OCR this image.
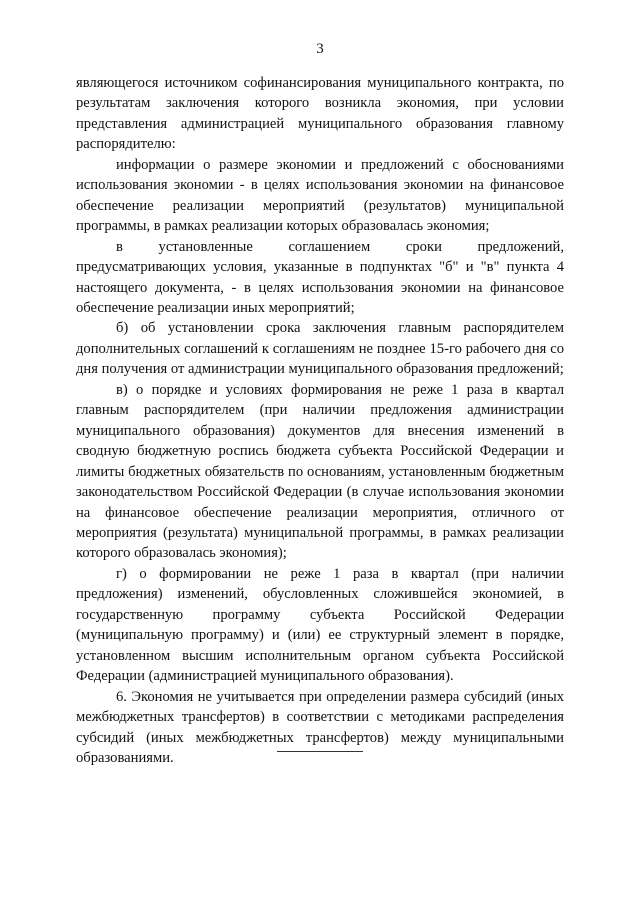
3

являющегося источником софинансирования муниципального контракта, по результатам заключения которого возникла экономия, при условии представления администрацией муниципального образования главному распорядителю:

информации о размере экономии и предложений с обоснованиями использования экономии - в целях использования экономии на финансовое обеспечение реализации мероприятий (результатов) муниципальной программы, в рамках реализации которых образовалась экономия;

в установленные соглашением сроки предложений, предусматривающих условия, указанные в подпунктах "б" и "в" пункта 4 настоящего документа, - в целях использования экономии на финансовое обеспечение реализации иных мероприятий;

б) об установлении срока заключения главным распорядителем дополнительных соглашений к соглашениям не позднее 15-го рабочего дня со дня получения от администрации муниципального образования предложений;

в) о порядке и условиях формирования не реже 1 раза в квартал главным распорядителем (при наличии предложения администрации муниципального образования) документов для внесения изменений в сводную бюджетную роспись бюджета субъекта Российской Федерации и лимиты бюджетных обязательств по основаниям, установленным бюджетным законодательством Российской Федерации (в случае использования экономии на финансовое обеспечение реализации мероприятия, отличного от мероприятия (результата) муниципальной программы, в рамках реализации которого образовалась экономия);

г) о формировании не реже 1 раза в квартал (при наличии предложения) изменений, обусловленных сложившейся экономией, в государственную программу субъекта Российской Федерации (муниципальную программу) и (или) ее структурный элемент в порядке, установленном высшим исполнительным органом субъекта Российской Федерации (администрацией муниципального образования).

6. Экономия не учитывается при определении размера субсидий (иных межбюджетных трансфертов) в соответствии с методиками распределения субсидий (иных межбюджетных трансфертов) между муниципальными образованиями.
